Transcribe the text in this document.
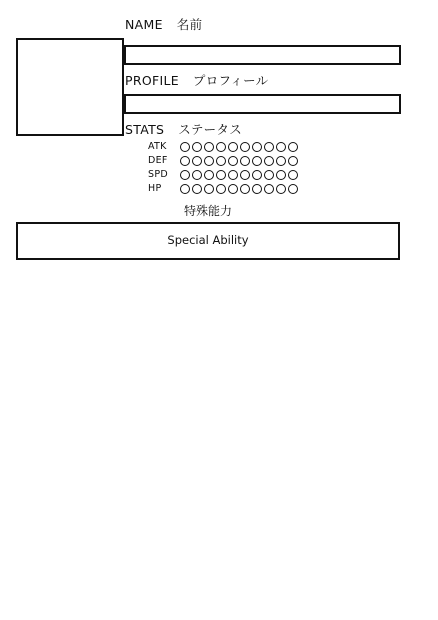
NAME 名前
PROFILE プロフィール
STATS ステータス
ATK
DEF
SPD
HP
特殊能力
Special Ability
